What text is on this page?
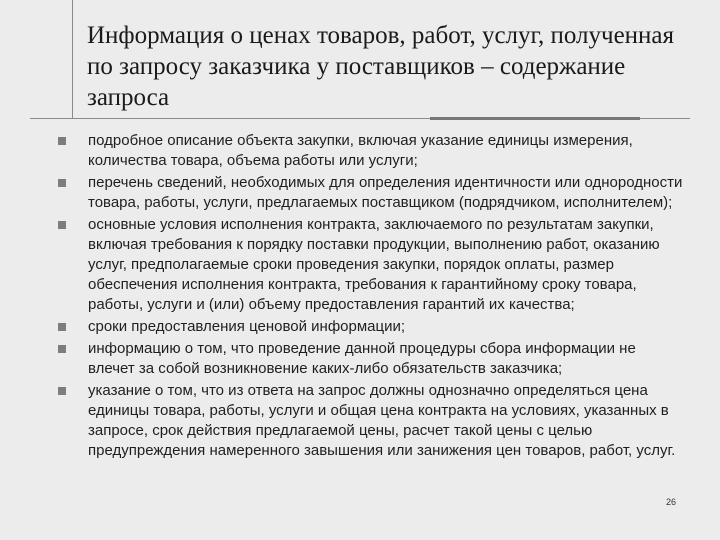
Информация о ценах товаров, работ, услуг, полученная по запросу заказчика у поставщиков – содержание запроса
подробное описание объекта закупки, включая указание единицы измерения, количества товара, объема работы или услуги;
перечень сведений, необходимых для определения идентичности или однородности товара, работы, услуги, предлагаемых поставщиком (подрядчиком, исполнителем);
основные условия исполнения контракта, заключаемого по результатам закупки, включая требования к порядку поставки продукции, выполнению работ, оказанию услуг, предполагаемые сроки проведения закупки, порядок оплаты, размер обеспечения исполнения контракта, требования к гарантийному сроку товара, работы, услуги и (или) объему предоставления гарантий их качества;
сроки предоставления ценовой информации;
информацию о том, что проведение данной процедуры сбора информации не влечет за собой возникновение каких-либо обязательств заказчика;
указание о том, что из ответа на запрос должны однозначно определяться цена единицы товара, работы, услуги и общая цена контракта на условиях, указанных в запросе, срок действия предлагаемой цены, расчет такой цены с целью предупреждения намеренного завышения или занижения цен товаров, работ, услуг.
26
